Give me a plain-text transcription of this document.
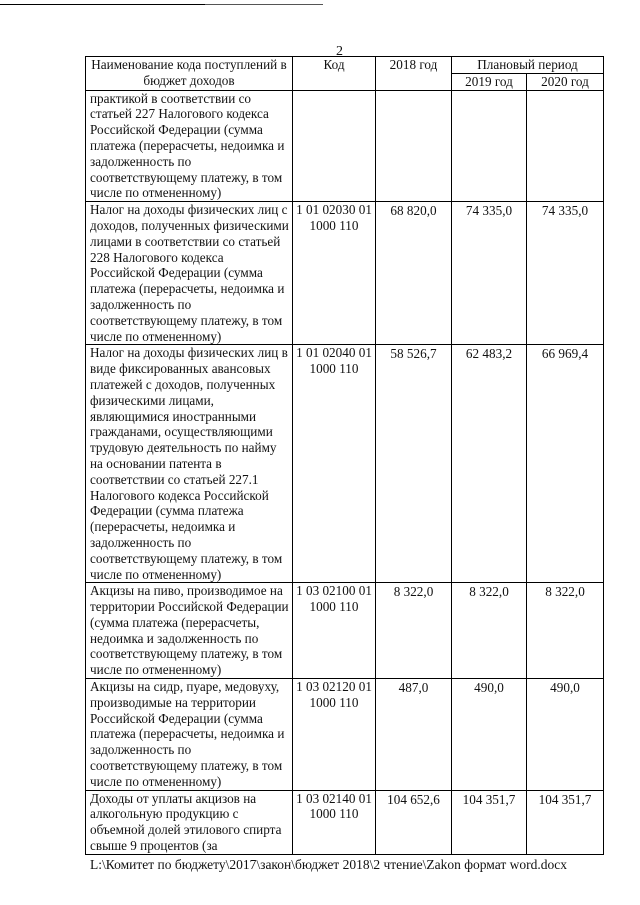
2
Наименование кода поступлений в бюджет доходов	Код	2018 год	Плановый период	
			2019 год	2020 год
практикой в соответствии со статьей 227 Налогового кодекса Российской Федерации (сумма платежа (перерасчеты, недоимка и задолженность по соответствующему платежу, в том числе по отмененному)				
Налог на доходы физических лиц с доходов, полученных физическими лицами в соответствии со статьей 228 Налогового кодекса Российской Федерации (сумма платежа (перерасчеты, недоимка и задолженность по соответствующему платежу, в том числе по отмененному)	1 01 02030 01 1000 110	68 820,0	74 335,0	74 335,0
Налог на доходы физических лиц в виде фиксированных авансовых платежей с доходов, полученных физическими лицами, являющимися иностранными гражданами, осуществляющими трудовую деятельность по найму на основании патента в соответствии со статьей 227.1 Налогового кодекса Российской Федерации (сумма платежа (перерасчеты, недоимка и задолженность по соответствующему платежу, в том числе по отмененному)	1 01 02040 01 1000 110	58 526,7	62 483,2	66 969,4
Акцизы на пиво, производимое на территории Российской Федерации (сумма платежа (перерасчеты, недоимка и задолженность по соответствующему платежу, в том числе по отмененному)	1 03 02100 01 1000 110	8 322,0	8 322,0	8 322,0
Акцизы на сидр, пуаре, медовуху, производимые на территории Российской Федерации (сумма платежа (перерасчеты, недоимка и задолженность по соответствующему платежу, в том числе по отмененному)	1 03 02120 01 1000 110	487,0	490,0	490,0
Доходы от уплаты акцизов на алкогольную продукцию с объемной долей этилового спирта свыше 9 процентов (за	1 03 02140 01 1000 110	104 652,6	104 351,7	104 351,7
L:\Комитет по бюджету\2017\закон\бюджет 2018\2 чтение\Zakon формат word.docx
